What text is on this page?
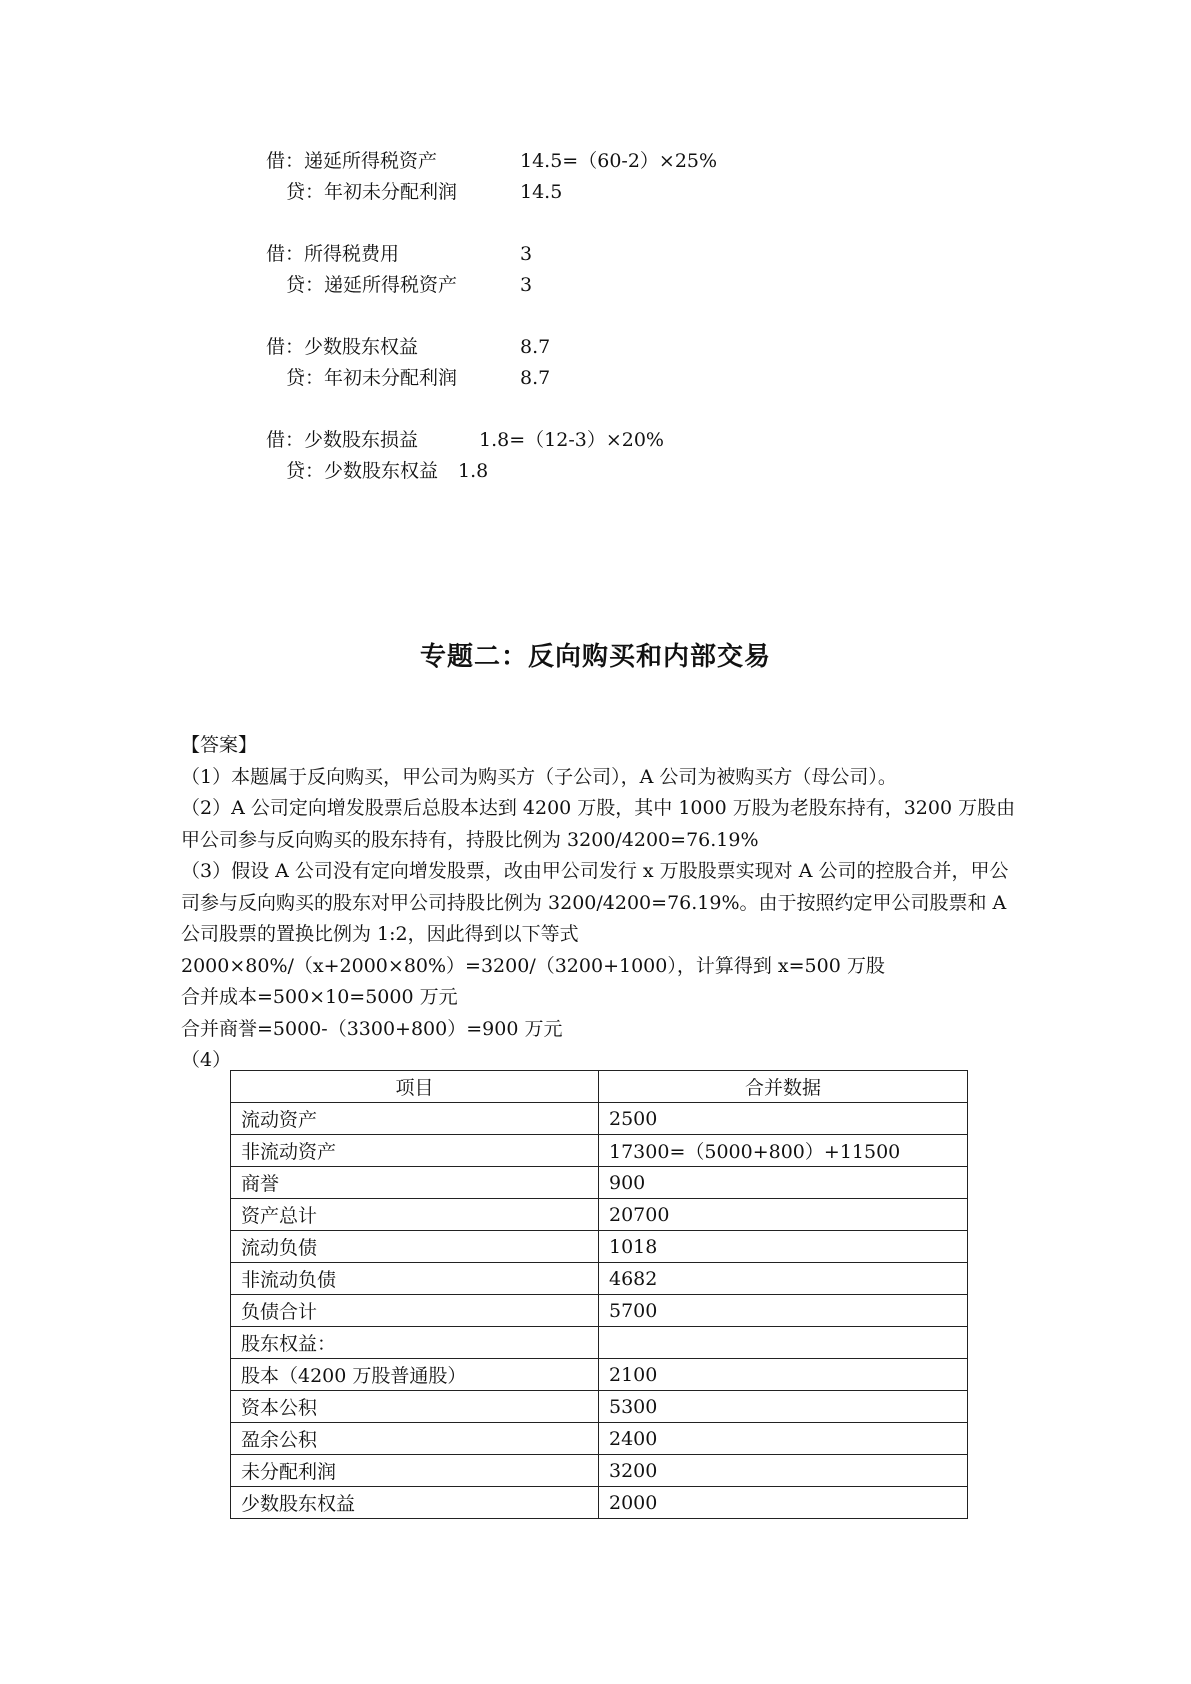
借：递延所得税资产	14.5=（60-2）×25%
贷：年初未分配利润	14.5
借：所得税费用	3
贷：递延所得税资产	3
借：少数股东权益	8.7
贷：年初未分配利润	8.7
借：少数股东损益	1.8=（12-3）×20%
贷：少数股东权益 1.8
专题二：反向购买和内部交易

【答案】

（1）本题属于反向购买，甲公司为购买方（子公司），A 公司为被购买方（母公司）。

（2）A 公司定向增发股票后总股本达到 4200 万股，其中 1000 万股为老股东持有，3200 万股由甲公司参与反向购买的股东持有，持股比例为 3200/4200=76.19%

（3）假设 A 公司没有定向增发股票，改由甲公司发行 x 万股股票实现对 A 公司的控股合并，甲公司参与反向购买的股东对甲公司持股比例为 3200/4200=76.19%。由于按照约定甲公司股票和 A 公司股票的置换比例为 1:2，因此得到以下等式

2000×80%/（x+2000×80%）=3200/（3200+1000），计算得到 x=500 万股

合并成本=500×10=5000 万元

合并商誉=5000-（3300+800）=900 万元

（4）

项目	合并数据
流动资产	2500
非流动资产	17300=（5000+800）+11500
商誉	900
资产总计	20700
流动负债	1018
非流动负债	4682
负债合计	5700
股东权益：	
股本（4200 万股普通股）	2100
资本公积	5300
盈余公积	2400
未分配利润	3200
少数股东权益	2000
